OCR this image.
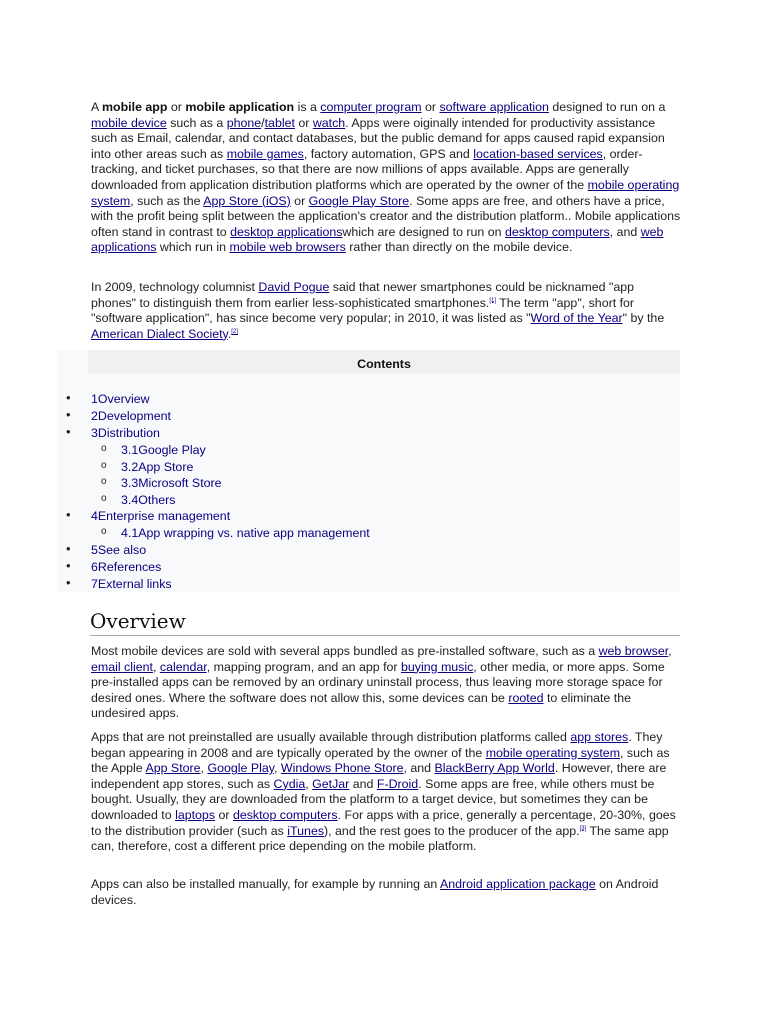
A mobile app or mobile application is a computer program or software application designed to run on a mobile device such as a phone/tablet or watch. Apps were oiginally intended for productivity assistance such as Email, calendar, and contact databases, but the public demand for apps caused rapid expansion into other areas such as mobile games, factory automation, GPS and location-based services, order-tracking, and ticket purchases, so that there are now millions of apps available. Apps are generally downloaded from application distribution platforms which are operated by the owner of the mobile operating system, such as the App Store (iOS) or Google Play Store. Some apps are free, and others have a price, with the profit being split between the application's creator and the distribution platform.. Mobile applications often stand in contrast to desktop applicationswhich are designed to run on desktop computers, and web applications which run in mobile web browsers rather than directly on the mobile device.

In 2009, technology columnist David Pogue said that newer smartphones could be nicknamed "app phones" to distinguish them from earlier less-sophisticated smartphones.[1] The term "app", short for "software application", has since become very popular; in 2010, it was listed as "Word of the Year" by the American Dialect Society.[2]

Contents
• 1Overview
• 2Development
• 3Distribution
o 3.1Google Play
o 3.2App Store
o 3.3Microsoft Store
o 3.4Others
• 4Enterprise management
o 4.1App wrapping vs. native app management
• 5See also
• 6References
• 7External links
Overview

Most mobile devices are sold with several apps bundled as pre-installed software, such as a web browser, email client, calendar, mapping program, and an app for buying music, other media, or more apps. Some pre-installed apps can be removed by an ordinary uninstall process, thus leaving more storage space for desired ones. Where the software does not allow this, some devices can be rooted to eliminate the undesired apps.

Apps that are not preinstalled are usually available through distribution platforms called app stores. They began appearing in 2008 and are typically operated by the owner of the mobile operating system, such as the Apple App Store, Google Play, Windows Phone Store, and BlackBerry App World. However, there are independent app stores, such as Cydia, GetJar and F-Droid. Some apps are free, while others must be bought. Usually, they are downloaded from the platform to a target device, but sometimes they can be downloaded to laptops or desktop computers. For apps with a price, generally a percentage, 20-30%, goes to the distribution provider (such as iTunes), and the rest goes to the producer of the app.[3] The same app can, therefore, cost a different price depending on the mobile platform.

Apps can also be installed manually, for example by running an Android application package on Android devices.
